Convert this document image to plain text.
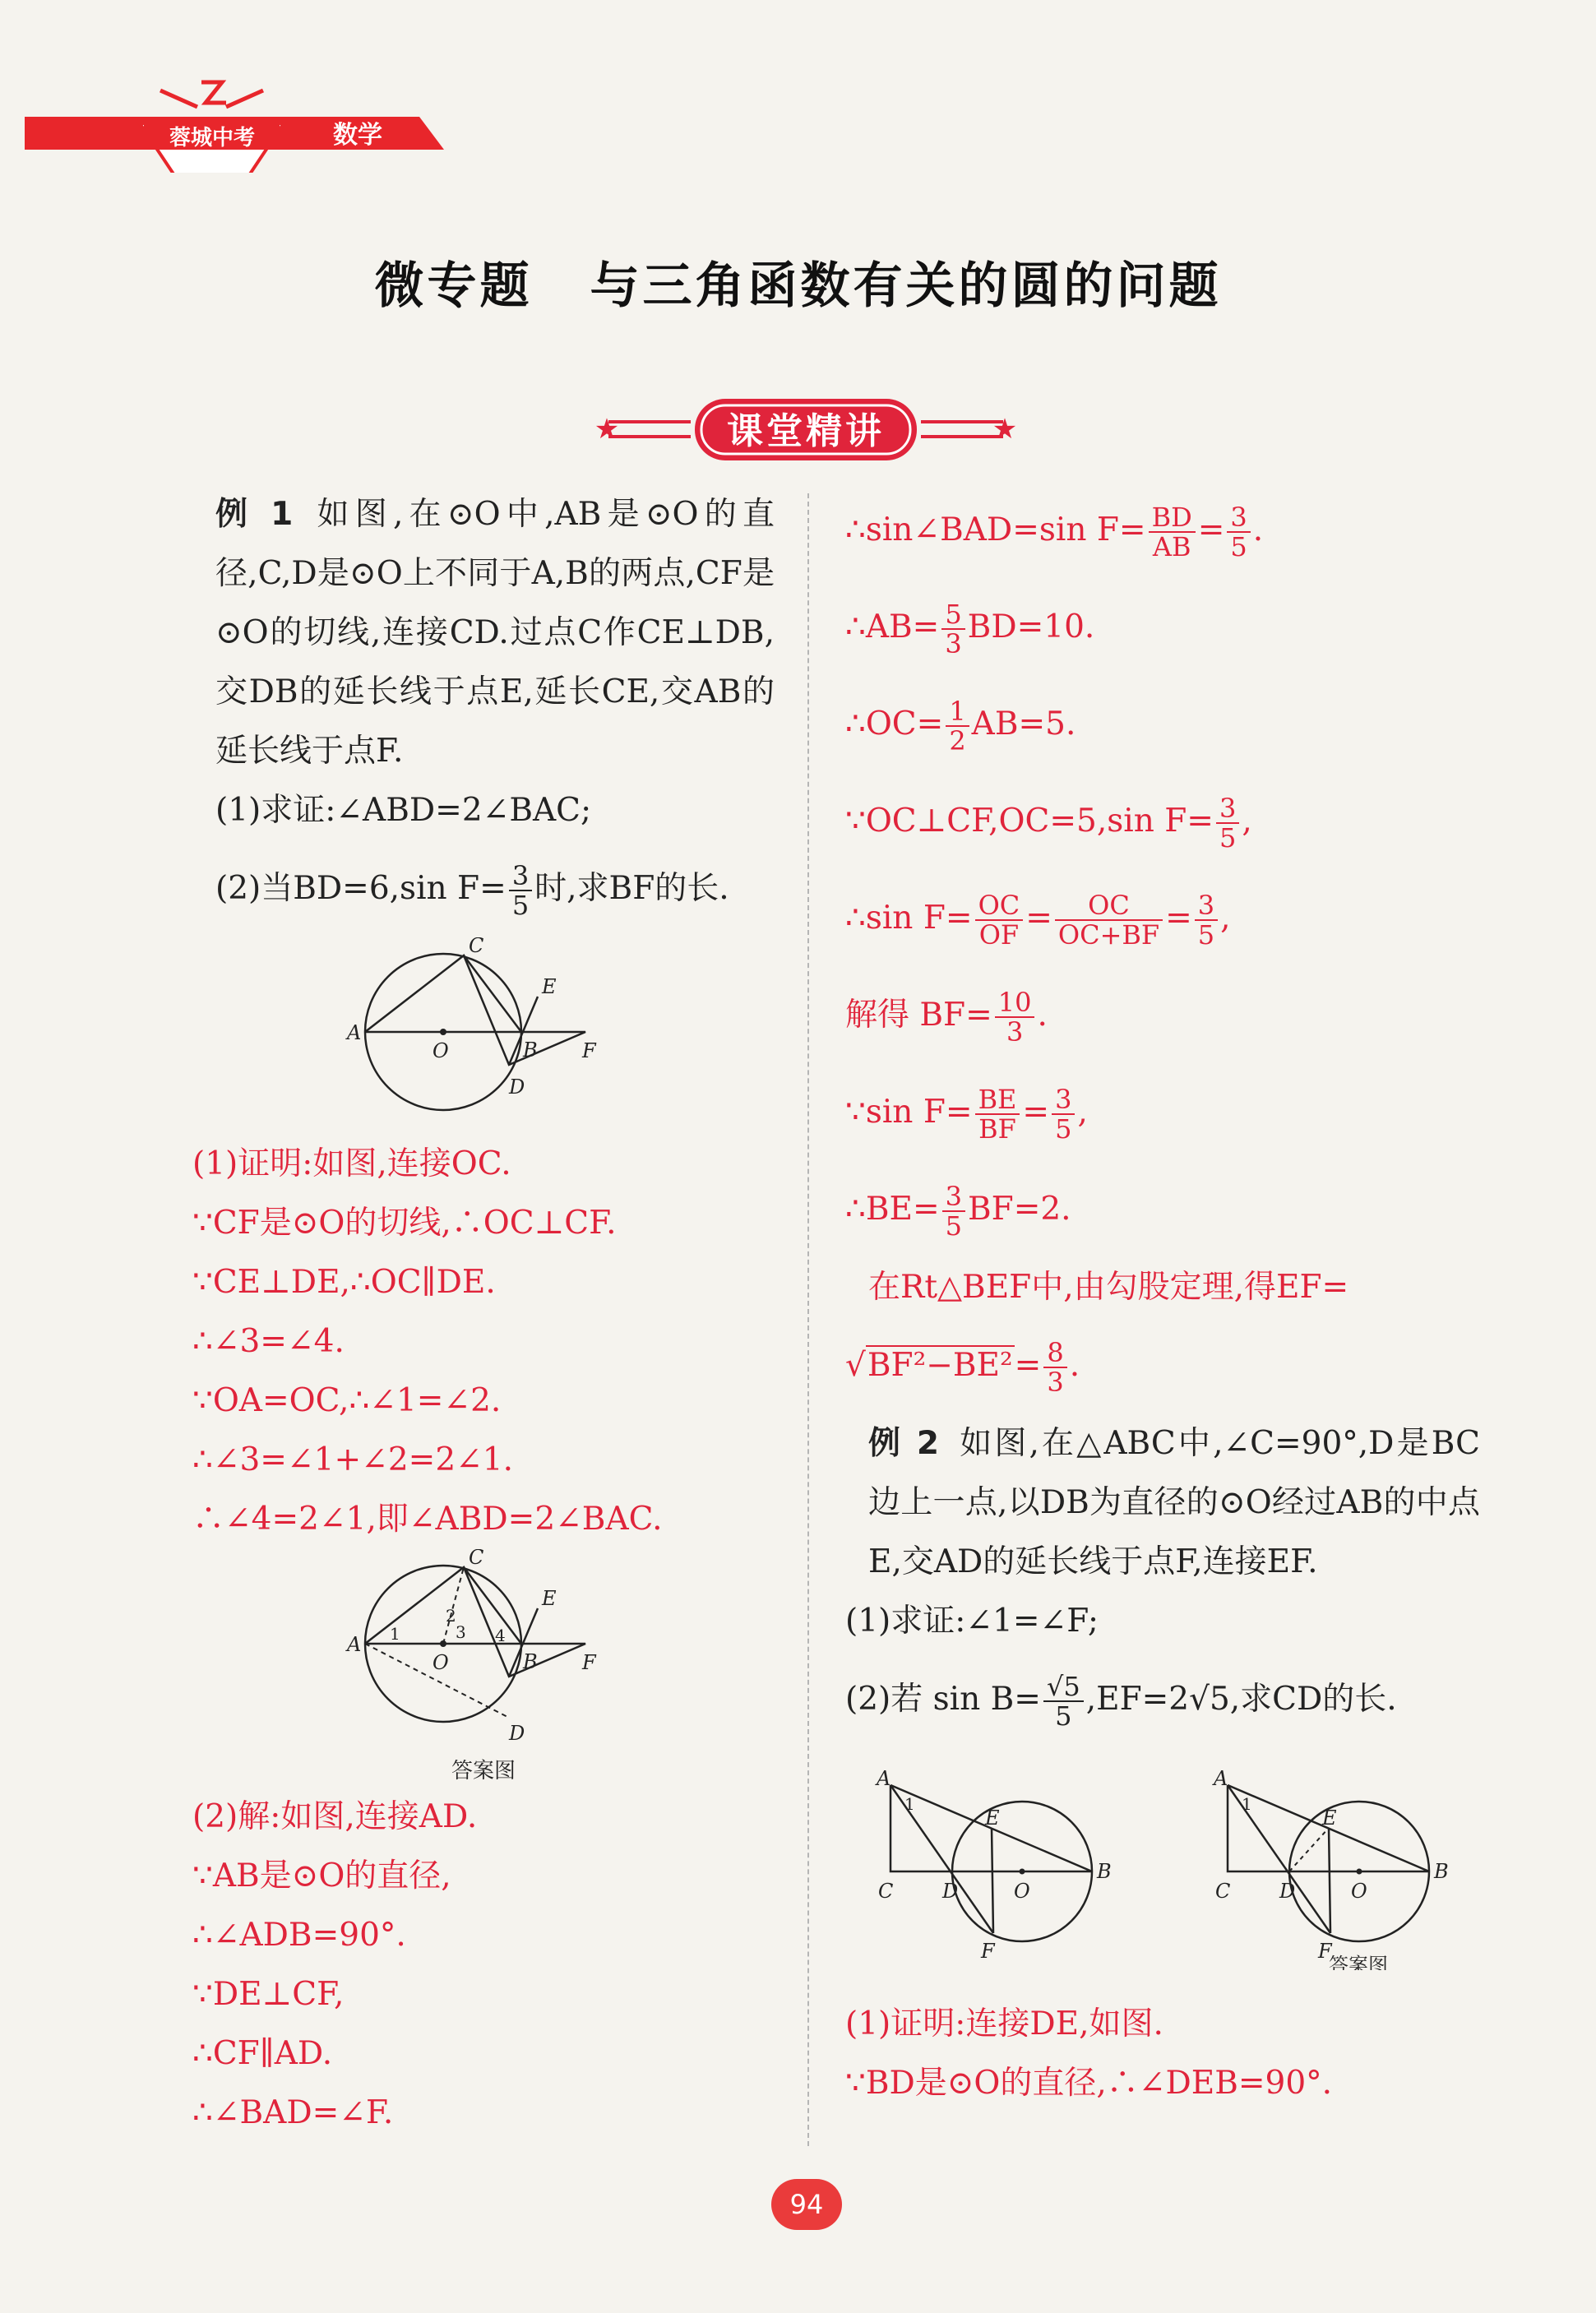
蓉城中考	数学
微专题 与三角函数有关的圆的问题
★	★
课堂精讲
例 1 如图,在⊙O中,AB是⊙O的直径,C,D是⊙O上不同于A,B的两点,CF是⊙O的切线,连接CD.过点C作CE⊥DB,交DB的延长线于点E,延长CE,交AB的延长线于点F.
(1)求证:∠ABD=2∠BAC;
(2)当BD=6,sin $F= \frac{3}{5}$ 时,求BF的长.
A
O	B
C
D
E
F
(1)证明:如图,连接OC.
∵CF是⊙O的切线,∴OC⊥CF.
∵CE⊥DE,∴OC∥DE.
∴∠3=∠4.
∵OA=OC,∴∠1=∠2.
∴∠3=∠1+∠2=2∠1.
∴∠4=2∠1,即∠ABD=2∠BAC.
A
O	B
C
D
E
F
1
2
3 4
答案图
(2)解:如图,连接AD.
∵AB是⊙O的直径,
∴∠ADB=90°.
∵DE⊥CF,
∴CF∥AD.
∴∠BAD=∠F.
∴sin∠BAD=sin $F= \frac{BD}{AB} = \frac{3}{5}$ .
∴AB= $\frac{5}{3} BD=10$.
∴OC= $\frac{1}{2} AB=5$.
∵OC⊥CF,OC=5,sin $F= \frac{3}{5}$ ,
∴sin $F= \frac{OC}{OF} = \frac{OC}{OC+BF} = \frac{3}{5}$ ,
解得 $BF= \frac{10}{3}$ .
∵sin $F= \frac{BE}{BF} = \frac{3}{5}$ ,
∴BE= $\frac{3}{5} BF=2$.
在Rt△BEF中,由勾股定理,得EF=
$√BF^2-BE^2= \frac{8}{3}$ .
例 2 如图,在△ABC中,∠C=90°,D是BC边上一点,以DB为直径的⊙O经过AB的中点E,交AD的延长线于点F,连接EF.
(1)求证:∠1=∠F;
(2)若 $\sin B= \frac{√5}{5} ,EF=2√5$,求CD的长.
A
C D	O
B
E
F
1
A
C D	O
B
E
F
1
答案图
(1)证明:连接DE,如图.
∵BD是⊙O的直径,∴∠DEB=90°.
94
